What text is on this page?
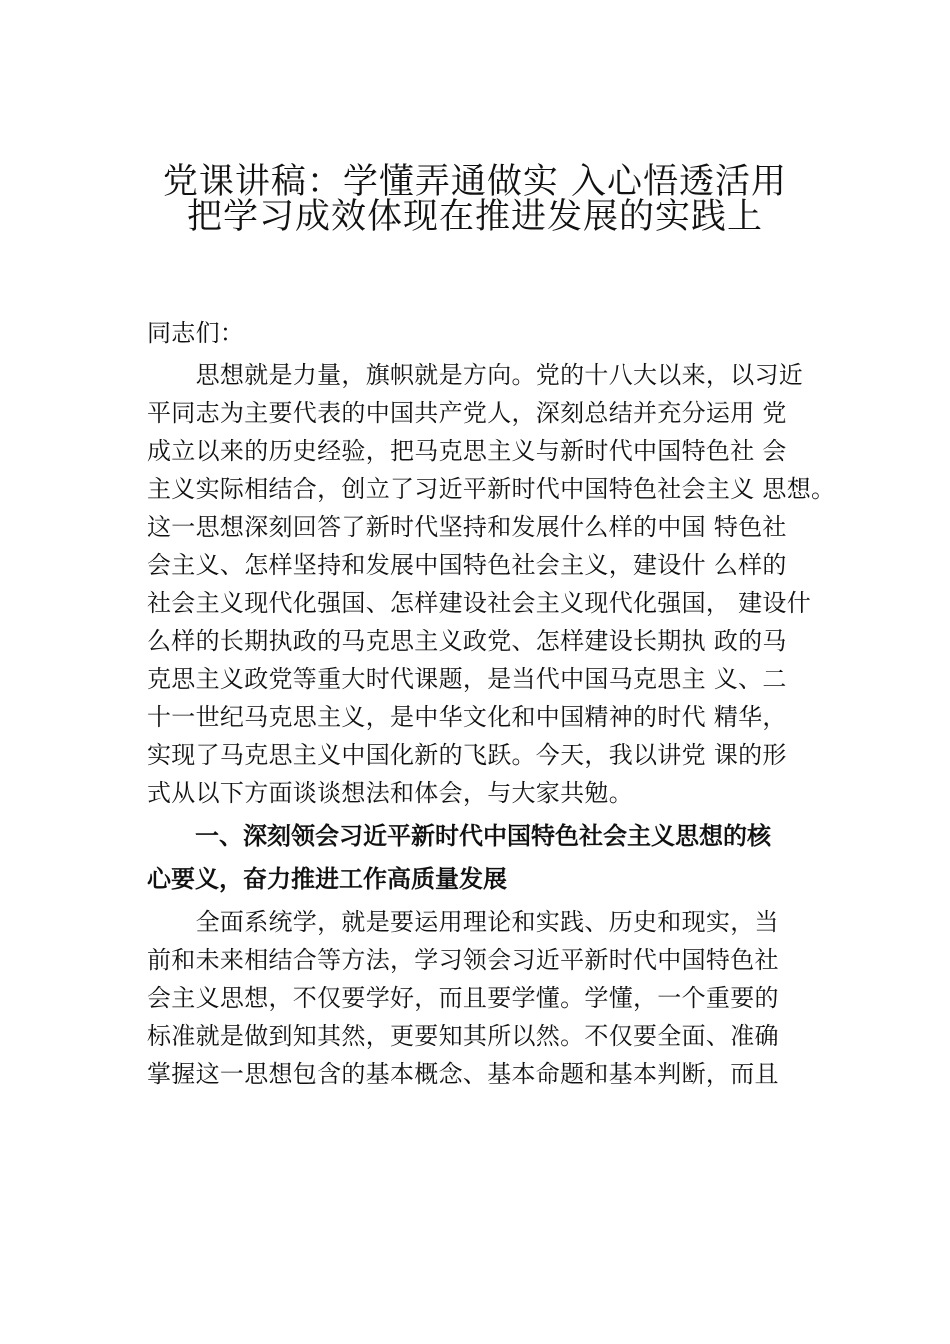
党课讲稿：学懂弄通做实 入心悟透活用
把学习成效体现在推进发展的实践上
同志们：
　　思想就是力量，旗帜就是方向。党的十八大以来，以习近
平同志为主要代表的中国共产党人，深刻总结并充分运用 党
成立以来的历史经验，把马克思主义与新时代中国特色社 会
主义实际相结合，创立了习近平新时代中国特色社会主义 思想。
这一思想深刻回答了新时代坚持和发展什么样的中国 特色社
会主义、怎样坚持和发展中国特色社会主义，建设什 么样的
社会主义现代化强国、怎样建设社会主义现代化强国， 建设什
么样的长期执政的马克思主义政党、怎样建设长期执 政的马
克思主义政党等重大时代课题，是当代中国马克思主 义、二
十一世纪马克思主义，是中华文化和中国精神的时代 精华，
实现了马克思主义中国化新的飞跃。今天，我以讲党 课的形
式从以下方面谈谈想法和体会，与大家共勉。
　　一、深刻领会习近平新时代中国特色社会主义思想的核
心要义，奋力推进工作高质量发展
　　全面系统学，就是要运用理论和实践、历史和现实，当
前和未来相结合等方法，学习领会习近平新时代中国特色社
会主义思想，不仅要学好，而且要学懂。学懂，一个重要的
标准就是做到知其然，更要知其所以然。不仅要全面、准确
掌握这一思想包含的基本概念、基本命题和基本判断，而且
